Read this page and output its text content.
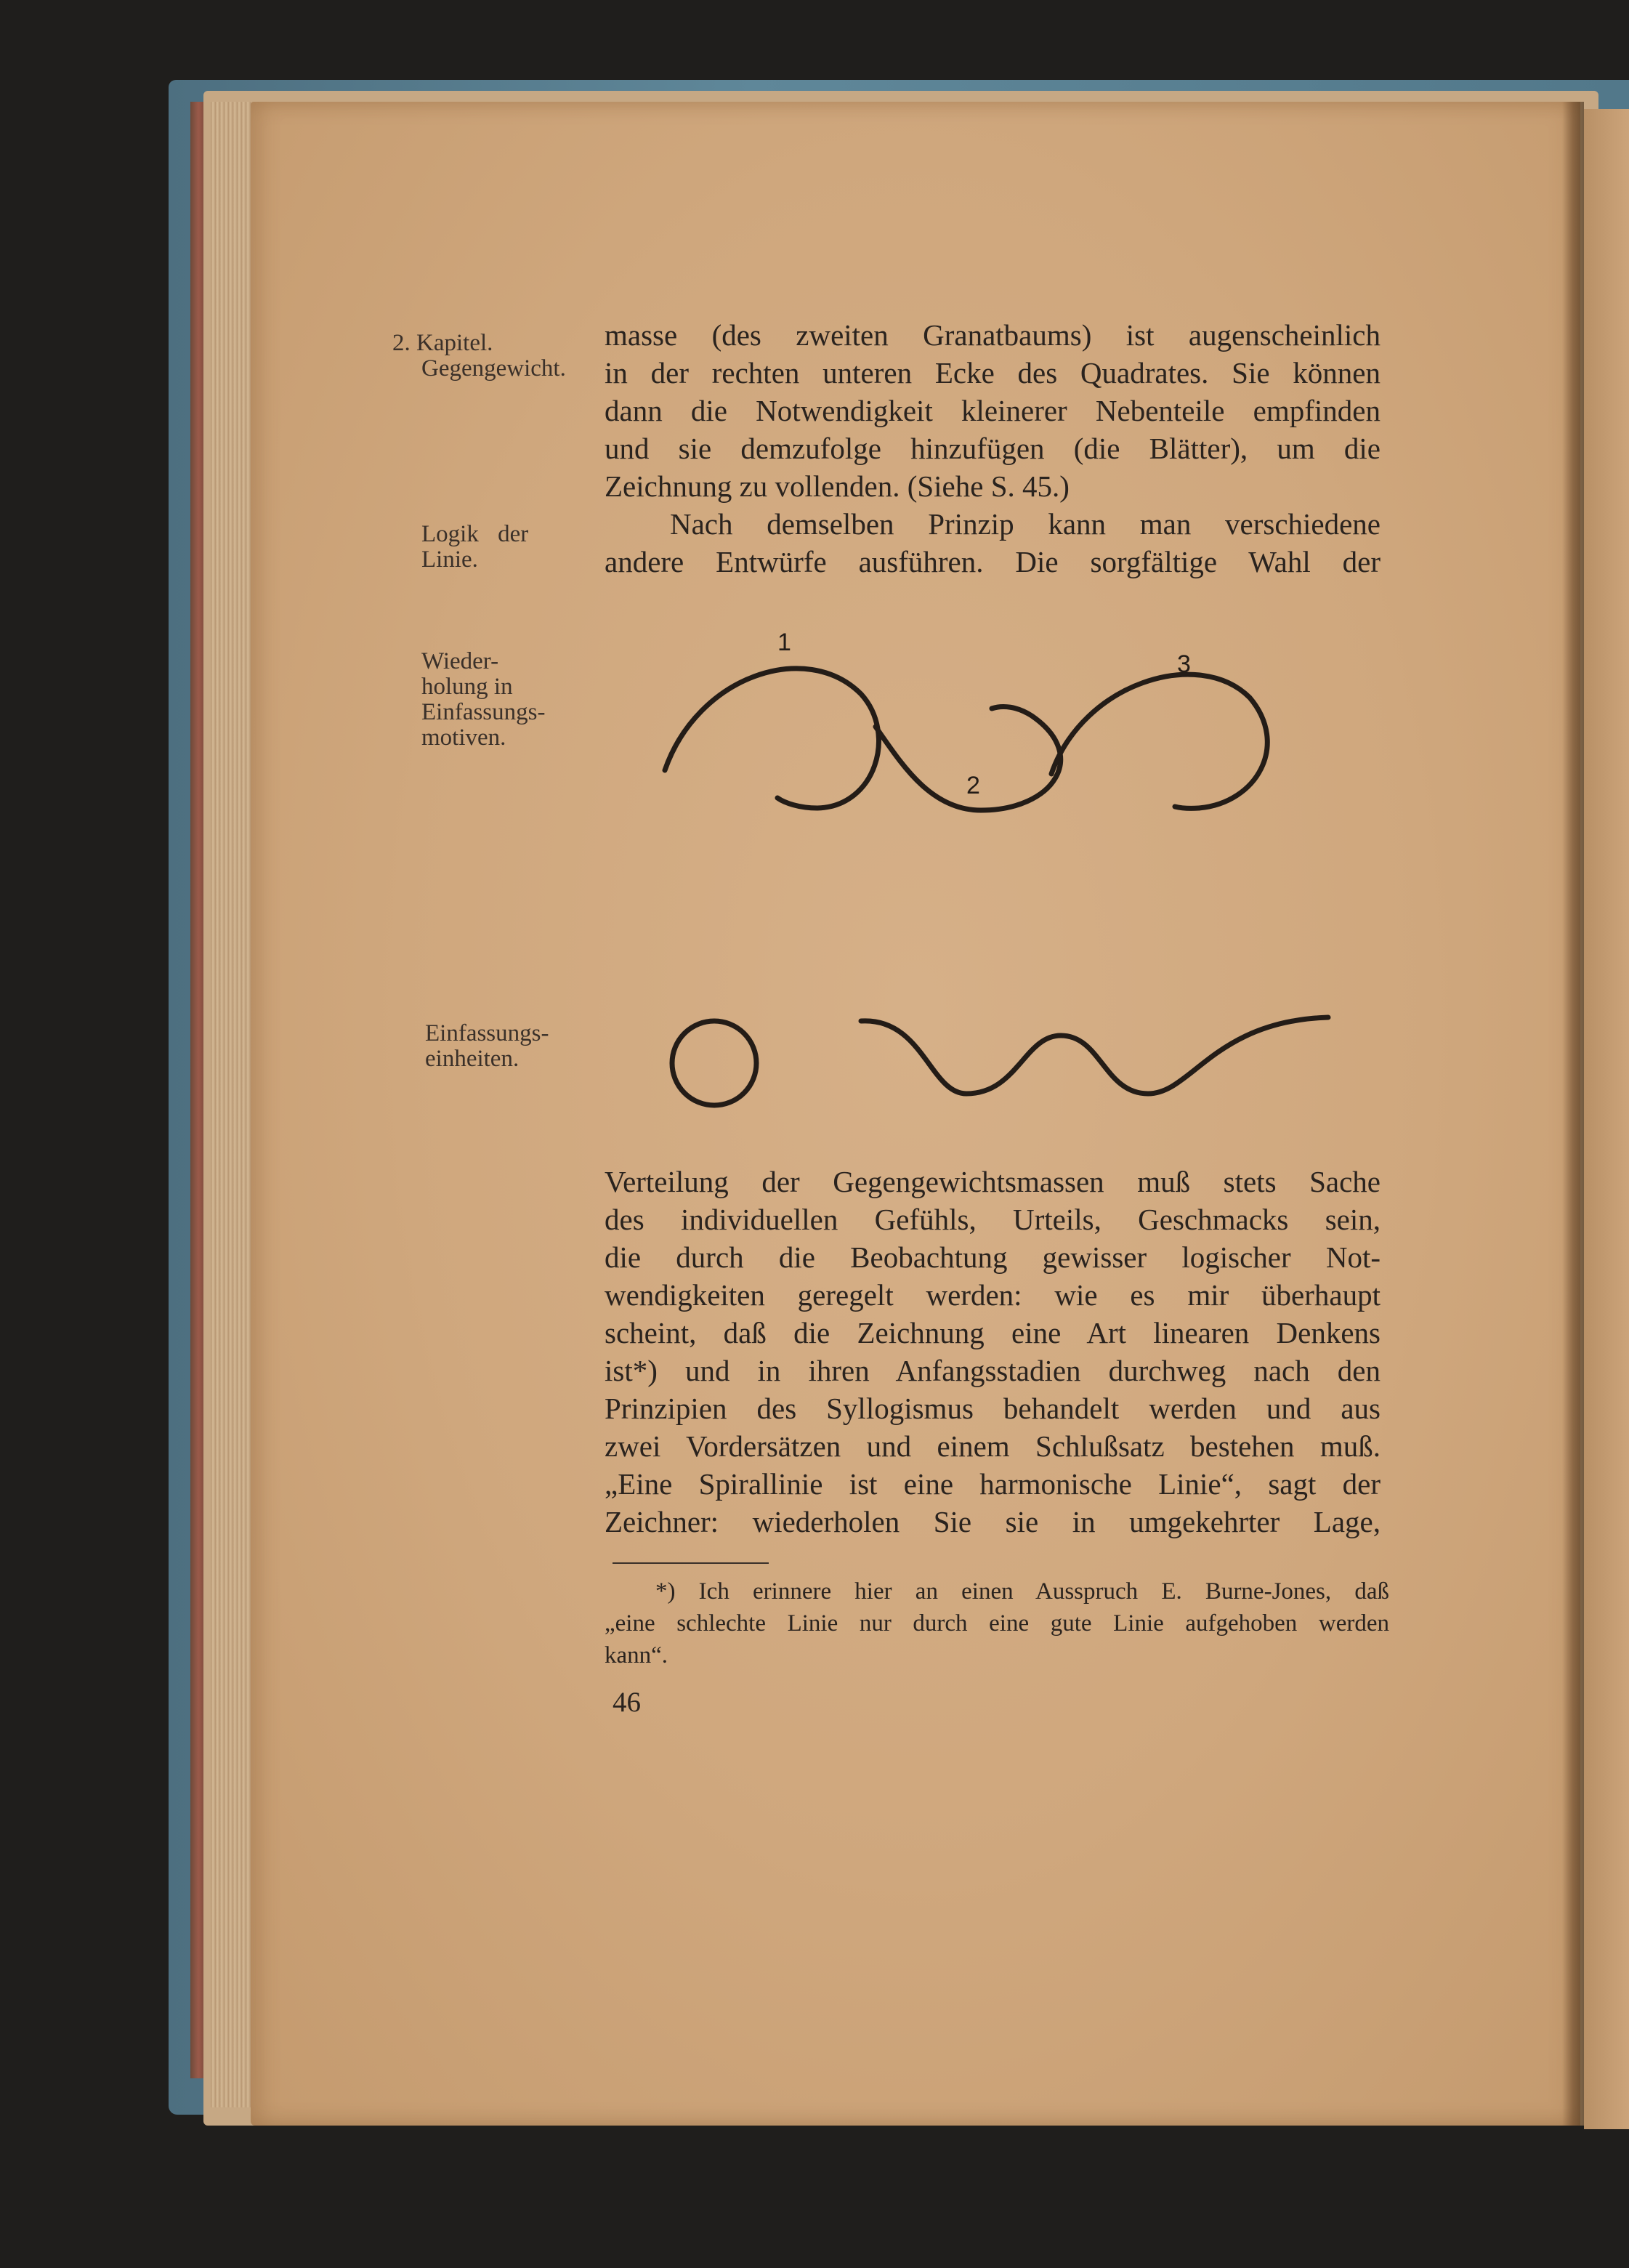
2. Kapitel.
Gegengewicht.
Logik der
Linie.
Wieder-
holung in
Einfassungs-
motiven.
Einfassungs-
einheiten.
masse (des zweiten Granatbaums) ist augenscheinlich
in der rechten unteren Ecke des Quadrates. Sie können
dann die Notwendigkeit kleinerer Nebenteile empfinden
und sie demzufolge hinzufügen (die Blätter), um die
Zeichnung zu vollenden. (Siehe S. 45.)
Nach demselben Prinzip kann man verschiedene
andere Entwürfe ausführen. Die sorgfältige Wahl der
1
2
3
Verteilung der Gegengewichtsmassen muß stets Sache
des individuellen Gefühls, Urteils, Geschmacks sein,
die durch die Beobachtung gewisser logischer Not-
wendigkeiten geregelt werden: wie es mir überhaupt
scheint, daß die Zeichnung eine Art linearen Denkens
ist*) und in ihren Anfangsstadien durchweg nach den
Prinzipien des Syllogismus behandelt werden und aus
zwei Vordersätzen und einem Schlußsatz bestehen muß.
„Eine Spirallinie ist eine harmonische Linie“, sagt der
Zeichner: wiederholen Sie sie in umgekehrter Lage,
*) Ich erinnere hier an einen Ausspruch E. Burne-Jones, daß
„eine schlechte Linie nur durch eine gute Linie aufgehoben werden
kann“.
46
